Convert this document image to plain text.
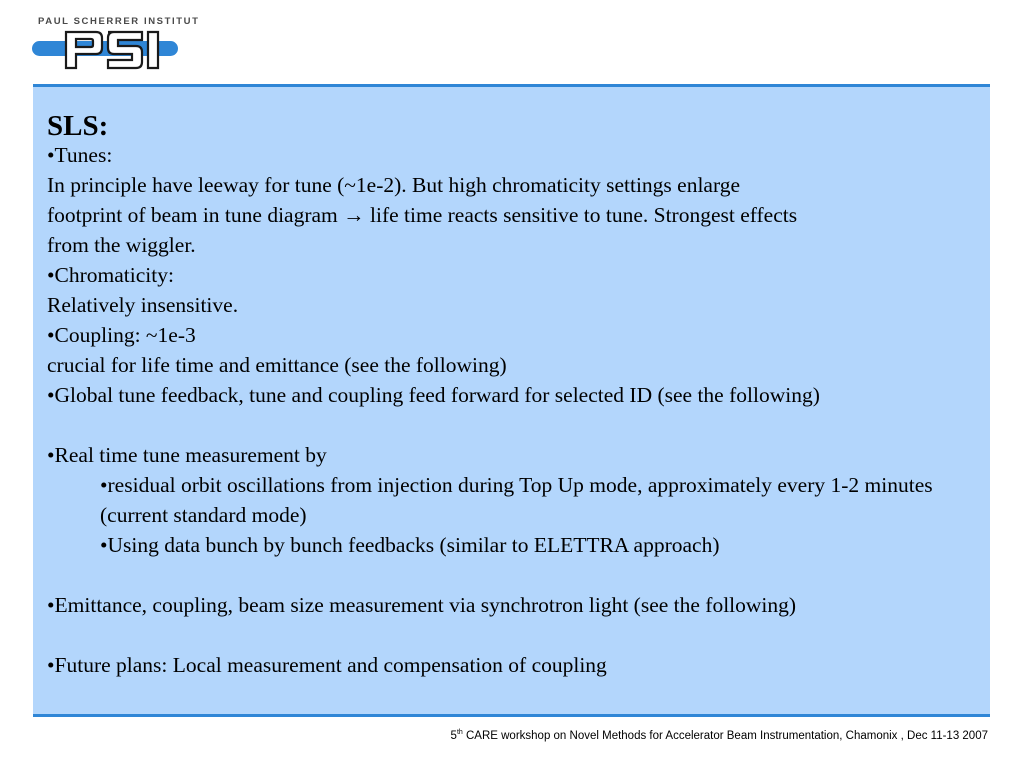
PAUL SCHERRER INSTITUT
SLS:
•Tunes:
In principle have leeway for tune (~1e-2). But high chromaticity settings enlarge
footprint of beam in tune diagram → life time reacts sensitive to tune. Strongest effects
from the wiggler.
•Chromaticity:
Relatively insensitive.
•Coupling: ~1e-3
crucial for life time and emittance (see the following)
•Global tune feedback, tune and coupling feed forward for selected ID (see the following)
•Real time tune measurement by
•residual orbit oscillations from injection during Top Up mode, approximately every 1-2 minutes (current standard mode)
•Using data bunch by bunch feedbacks (similar to ELETTRA approach)
•Emittance, coupling, beam size measurement via synchrotron light (see the following)
•Future plans: Local measurement and compensation of coupling
5th CARE workshop on Novel Methods for Accelerator Beam Instrumentation, Chamonix , Dec 11-13 2007
